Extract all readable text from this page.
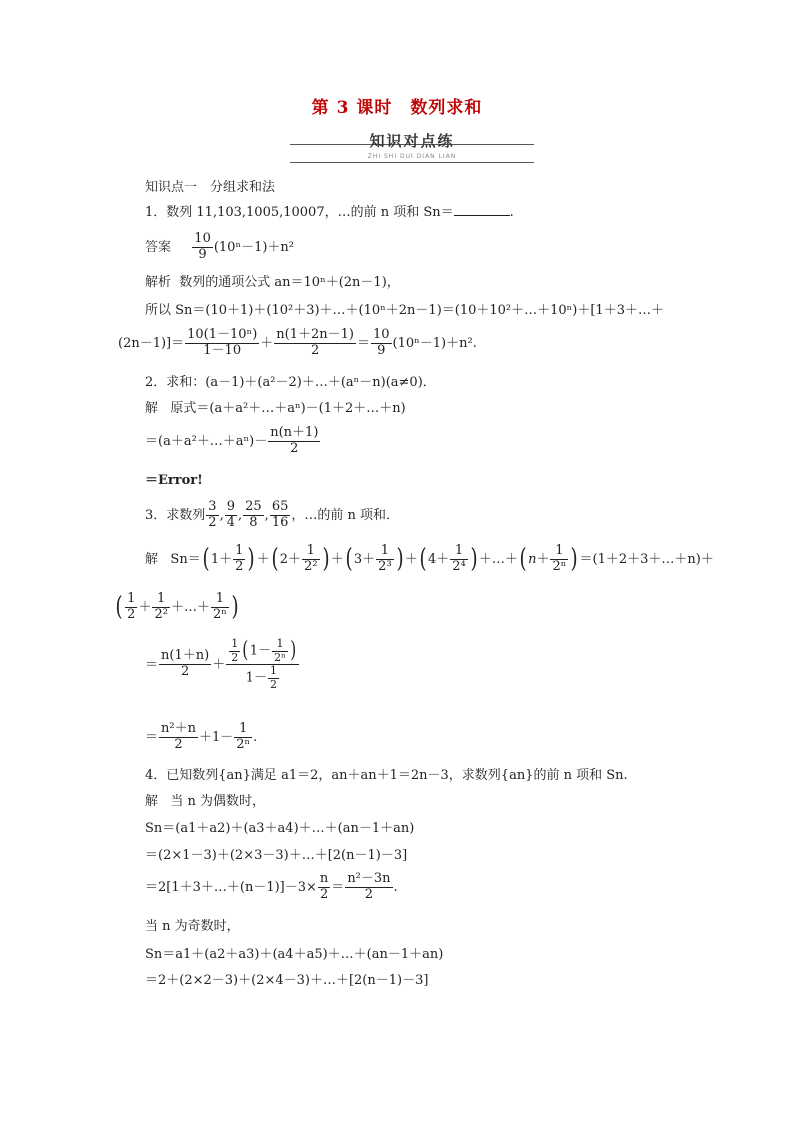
第 3 课时　数列求和
知识对点练
ZHI SHI DUI DIAN LIAN
知识点一　分组求和法
1．数列 11,103,1005,10007，…的前 n 项和 Sn＝	.
答案 $\frac{10}{9} (10^n-1)+n^2$
解析 数列的通项公式 an＝10ⁿ＋(2n－1)，
所以 Sn＝(10＋1)＋(10²＋3)＋…＋(10ⁿ＋2n－1)＝(10＋10²＋…＋10ⁿ)＋[1＋3＋…＋
$(2n-1)]= \frac{\text{10(1－10ⁿ)}}{1-10} + \frac{n(1+2n-1)}{2} = \frac{10}{9} (10^n-1)+n^2$.
2．求和：(a－1)＋(a²－2)＋…＋(aⁿ－n)(a≠0)．
解 原式＝(a＋a²＋…＋aⁿ)－(1＋2＋…＋n)
＝(a＋a²＋…＋aⁿ)－ $\frac{n(n+1)}{2}$
＝Error!
3．求数列 $\frac{3}{2}$ , $\frac{9}{4}$ , $\frac{25}{8}$ , $\frac{65}{16}$ ，…的前 n 项和．
解 Sn＝( $1+ \frac{1}{2}$ ) ＋( $2+ \frac{1}{\text{2²}}$ ) ＋( $3+ \frac{1}{\text{2³}}$ ) ＋( $4+ \frac{1}{\text{2⁴}}$ ) ＋…＋( $n+ \frac{1}{\text{2ⁿ}}$ ) ＝(1＋2＋3＋…＋n)＋
( $\frac{1}{2} + \frac{1}{\text{2²}}$ ＋…＋ $\frac{1}{\text{2ⁿ}}$ )
＝ $\frac{n(1+n)}{2} + \frac{\frac{1}{2} (1- \frac{1}{\text{2ⁿ}} )}{1- \frac{1}{2}}$
＝ $\frac{\text{n²＋n}}{2} +1- \frac{1}{\text{2ⁿ}}$ .
4．已知数列{an}满足 a1＝2，an＋an＋1＝2n－3，求数列{an}的前 n 项和 Sn.
解 当 n 为偶数时，
Sn＝(a1＋a2)＋(a3＋a4)＋…＋(an－1＋an)
＝(2×1－3)＋(2×3－3)＋…＋[2(n－1)－3]
＝2[1＋3＋…＋(n－1)]－3× $\frac{n}{2} = \frac{\text{n²－3n}}{2}$ .
当 n 为奇数时，
Sn＝a1＋(a2＋a3)＋(a4＋a5)＋…＋(an－1＋an)
＝2＋(2×2－3)＋(2×4－3)＋…＋[2(n－1)－3]
